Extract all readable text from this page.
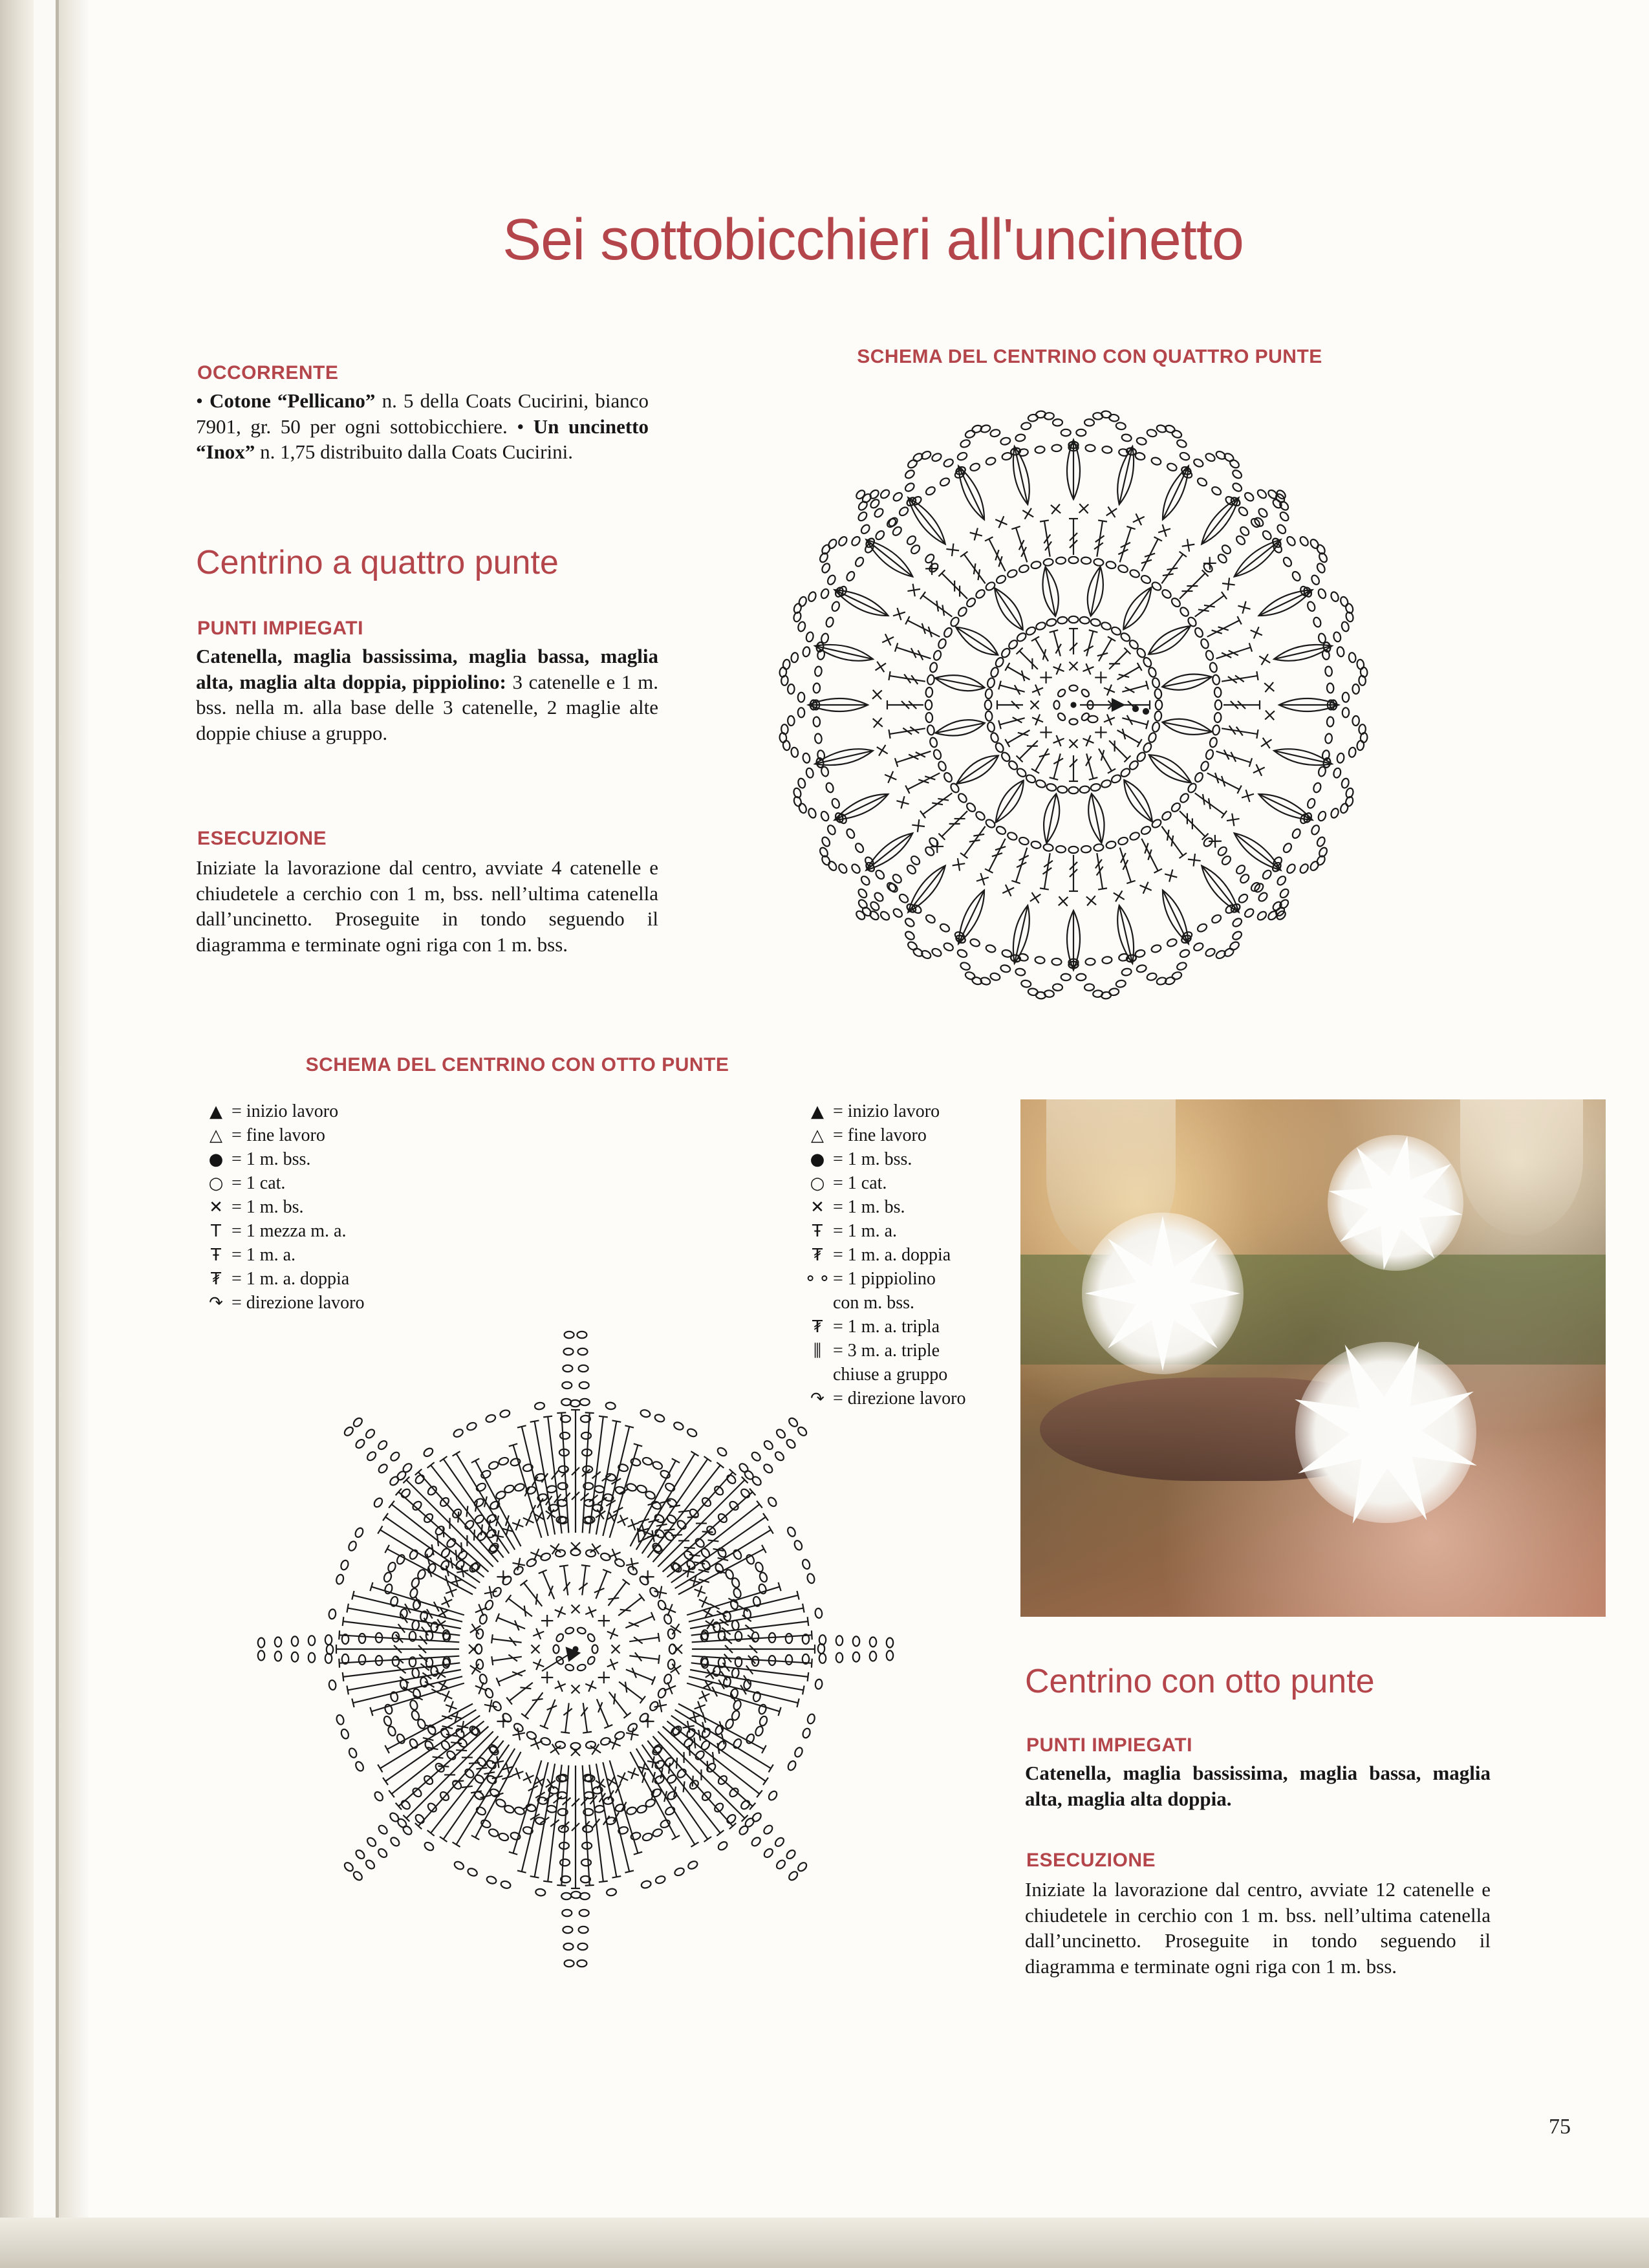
Sei sottobicchieri all'uncinetto
OCCORRENTE
• Cotone “Pellicano” n. 5 della Coats Cucirini, bianco 7901, gr. 50 per ogni sottobicchiere. • Un uncinetto “Inox” n. 1,75 distribuito dalla Coats Cucirini.
Centrino a quattro punte
PUNTI IMPIEGATI
Catenella, maglia bassissima, maglia bassa, maglia alta, maglia alta doppia, pippiolino: 3 catenelle e 1 m. bss. nella m. alla base delle 3 catenelle, 2 maglie alte doppie chiuse a gruppo.
ESECUZIONE
Iniziate la lavorazione dal centro, avviate 4 catenelle e chiudetele a cerchio con 1 m, bss. nell’ultima catenella dall’uncinetto. Proseguite in tondo seguendo il diagramma e terminate ogni riga con 1 m. bss.
SCHEMA DEL CENTRINO CON QUATTRO PUNTE
SCHEMA DEL CENTRINO CON OTTO PUNTE
▲ = inizio lavoro
△ = fine lavoro
● = 1 m. bss.
○ = 1 cat.
✕ = 1 m. bs.
T = 1 mezza m. a.
Ŧ = 1 m. a.
₮ = 1 m. a. doppia
↷ = direzione lavoro
▲ = inizio lavoro
△ = fine lavoro
● = 1 m. bss.
○ = 1 cat.
✕ = 1 m. bs.
Ŧ = 1 m. a.
₮ = 1 m. a. doppia
⚬⚬= 1 pippiolino
con m. bss.
₮ = 1 m. a. tripla
⫼ = 3 m. a. triple
chiuse a gruppo
↷ = direzione lavoro
Centrino con otto punte
PUNTI IMPIEGATI
Catenella, maglia bassissima, maglia bassa, maglia alta, maglia alta doppia.
ESECUZIONE
Iniziate la lavorazione dal centro, avviate 12 catenelle e chiudetele in cerchio con 1 m. bss. nell’ultima catenella dall’uncinetto. Proseguite in tondo seguendo il diagramma e terminate ogni riga con 1 m. bss.
75
